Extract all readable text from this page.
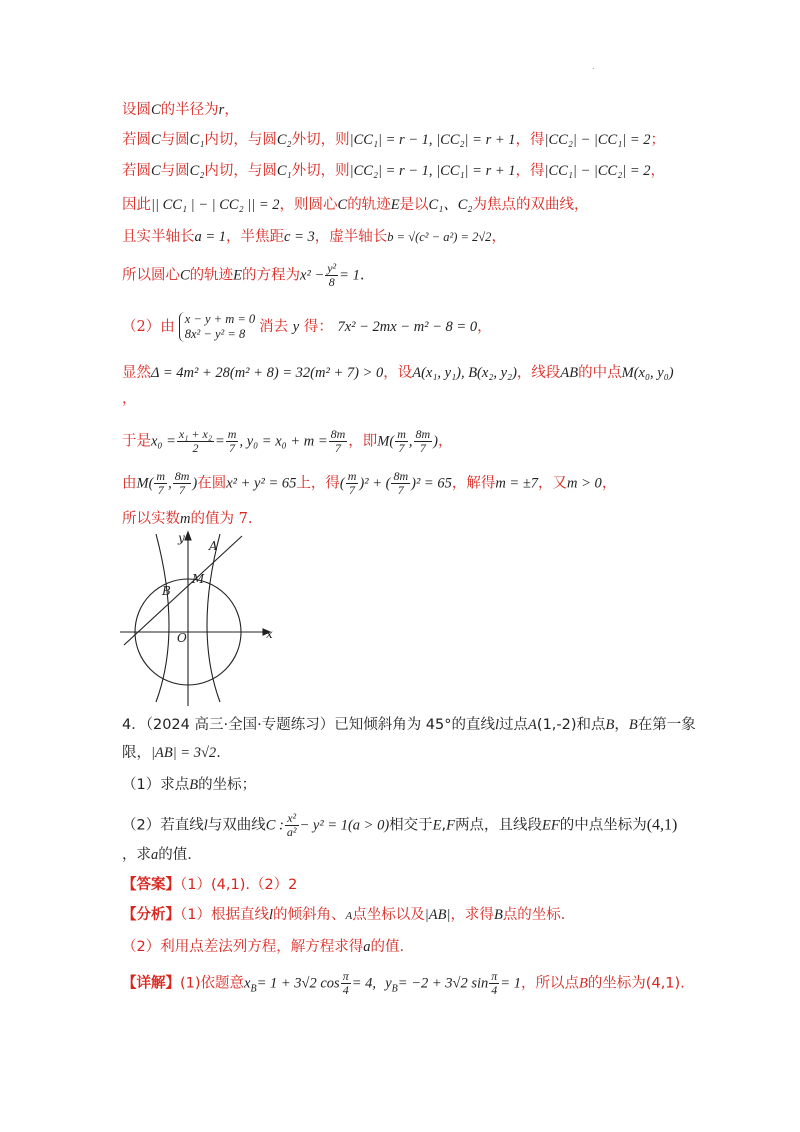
.
设圆C的半径为r，
若圆C与圆C₁内切，与圆C₂外切，则|CC₁| = r − 1, |CC₂| = r + 1，得|CC₂| − |CC₁| = 2；
若圆C与圆C₂内切，与圆C₁外切，则|CC₂| = r − 1, |CC₁| = r + 1，得|CC₁| − |CC₂| = 2，
因此|| CC₁ | − | CC₂ || = 2，则圆心C的轨迹E是以C₁、C₂为焦点的双曲线，
且实半轴长a = 1，半焦距c = 3，虚半轴长b = √(c² − a²) = 2√2，
所以圆心C的轨迹E的方程为$x^2 - \frac{\text{y²}}{8} = 1$.
（2）由 x − y + m = 0
8x² − y² = 8 消去 y 得： 7x² − 2mx − m² − 8 = 0，
显然Δ = 4m² + 28(m² + 8) = 32(m² + 7) > 0，设A(x₁, y₁), B(x₂, y₂)，线段AB的中点M(x₀, y₀)
，
于是$x_0 = \frac{\text{x₁ + x₂}}{2} = \frac{m}{7}$ , $y_0 = x_0 + m = \frac{8m}{7}$ ，即$M( \frac{m}{7}$ , $\frac{8m}{7}$ )，
由$M( \frac{m}{7}$ , $\frac{8m}{7}$ )在圆x² + y² = 65上，得( $\frac{m}{7} )^2$ + ( $\frac{8m}{7} )^2 = 65$，解得m = ±7，又m > 0，
所以实数m的值为 7.
y
x
A
B
M
O
4．（2024 高三·全国·专题练习）已知倾斜角为 45°的直线l过点A(1,-2)和点B，B在第一象
限，|AB| = 3√2.
（1）求点B的坐标；
（2）若直线l与双曲线C : $\frac{\text{x²}}{\text{a²}} - y^2 = 1(a > 0)$相交于E,F两点，且线段EF的中点坐标为(4,1)
，求a的值.
【答案】（1）(4,1).（2）2
【分析】（1）根据直线l的倾斜角、A点坐标以及|AB|，求得B点的坐标.
（2）利用点差法列方程，解方程求得a的值.
【详解】(1)依题意$x_B= 1 + 3√2$ $\cos \frac{\pi}{4} = 4$, $y_B= -2 + 3√2$ $\sin \frac{\pi}{4} = 1$，所以点B的坐标为(4,1).
